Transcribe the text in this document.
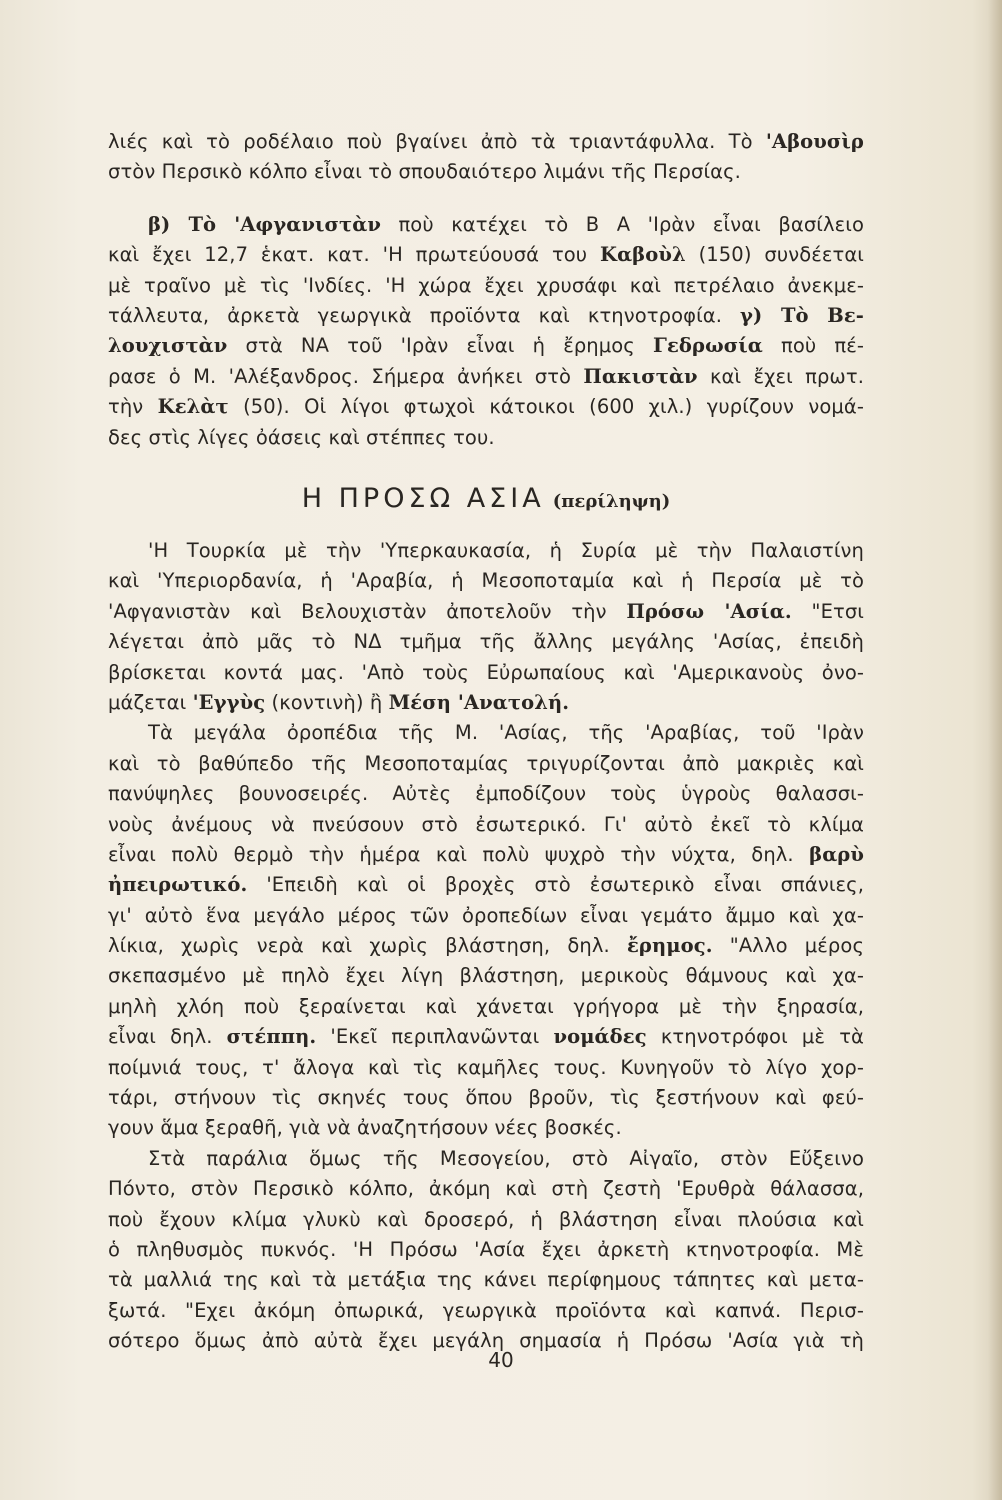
λιές καὶ τὸ ροδέλαιο ποὺ βγαίνει ἀπὸ τὰ τριαντάφυλλα. Τὸ 'Αβουσὶρ
στὸν Περσικὸ κόλπο εἶναι τὸ σπουδαιότερο λιμάνι τῆς Περσίας.
β) Τὸ 'Αφγανιστὰν ποὺ κατέχει τὸ Β Α 'Ιρὰν εἶναι βασίλειο
καὶ ἔχει 12,7 ἑκατ. κατ. 'Η πρωτεύουσά του Καβοὺλ (150) συνδέεται
μὲ τραῖνο μὲ τὶς 'Ινδίες. 'Η χώρα ἔχει χρυσάφι καὶ πετρέλαιο ἀνεκμε-
τάλλευτα, ἀρκετὰ γεωργικὰ προϊόντα καὶ κτηνοτροφία. γ) Τὸ Βε-
λουχιστὰν στὰ ΝΑ τοῦ 'Ιρὰν εἶναι ἡ ἔρημος Γεδρωσία ποὺ πέ-
ρασε ὁ Μ. 'Αλέξανδρος. Σήμερα ἀνήκει στὸ Πακιστὰν καὶ ἔχει πρωτ.
τὴν Κελὰτ (50). Οἱ λίγοι φτωχοὶ κάτοικοι (600 χιλ.) γυρίζουν νομά-
δες στὶς λίγες ὀάσεις καὶ στέππες του.
Η ΠΡΟΣΩ ΑΣΙΑ (περίληψη)
'Η Τουρκία μὲ τὴν 'Υπερκαυκασία, ἡ Συρία μὲ τὴν Παλαιστίνη
καὶ 'Υπεριορδανία, ἡ 'Αραβία, ἡ Μεσοποταμία καὶ ἡ Περσία μὲ τὸ
'Αφγανιστὰν καὶ Βελουχιστὰν ἀποτελοῦν τὴν Πρόσω 'Ασία. "Ετσι
λέγεται ἀπὸ μᾶς τὸ ΝΔ τμῆμα τῆς ἄλλης μεγάλης 'Ασίας, ἐπειδὴ
βρίσκεται κοντά μας. 'Απὸ τοὺς Εὐρωπαίους καὶ 'Αμερικανοὺς ὀνο-
μάζεται 'Εγγὺς (κοντινὴ) ἢ Μέση 'Ανατολή.
Τὰ μεγάλα ὀροπέδια τῆς Μ. 'Ασίας, τῆς 'Αραβίας, τοῦ 'Ιρὰν
καὶ τὸ βαθύπεδο τῆς Μεσοποταμίας τριγυρίζονται ἀπὸ μακριὲς καὶ
πανύψηλες βουνοσειρές. Αὐτὲς ἐμποδίζουν τοὺς ὑγροὺς θαλασσι-
νοὺς ἀνέμους νὰ πνεύσουν στὸ ἐσωτερικό. Γι' αὐτὸ ἐκεῖ τὸ κλίμα
εἶναι πολὺ θερμὸ τὴν ἡμέρα καὶ πολὺ ψυχρὸ τὴν νύχτα, δηλ. βαρὺ
ἠπειρωτικό. 'Επειδὴ καὶ οἱ βροχὲς στὸ ἐσωτερικὸ εἶναι σπάνιες,
γι' αὐτὸ ἕνα μεγάλο μέρος τῶν ὀροπεδίων εἶναι γεμάτο ἄμμο καὶ χα-
λίκια, χωρὶς νερὰ καὶ χωρὶς βλάστηση, δηλ. ἔρημος. "Αλλο μέρος
σκεπασμένο μὲ πηλὸ ἔχει λίγη βλάστηση, μερικοὺς θάμνους καὶ χα-
μηλὴ χλόη ποὺ ξεραίνεται καὶ χάνεται γρήγορα μὲ τὴν ξηρασία,
εἶναι δηλ. στέππη. 'Εκεῖ περιπλανῶνται νομάδες κτηνοτρόφοι μὲ τὰ
ποίμνιά τους, τ' ἄλογα καὶ τὶς καμῆλες τους. Κυνηγοῦν τὸ λίγο χορ-
τάρι, στήνουν τὶς σκηνές τους ὅπου βροῦν, τὶς ξεστήνουν καὶ φεύ-
γουν ἅμα ξεραθῆ, γιὰ νὰ ἀναζητήσουν νέες βοσκές.
Στὰ παράλια ὅμως τῆς Μεσογείου, στὸ Αἰγαῖο, στὸν Εὔξεινο
Πόντο, στὸν Περσικὸ κόλπο, ἀκόμη καὶ στὴ ζεστὴ 'Ερυθρὰ θάλασσα,
ποὺ ἔχουν κλίμα γλυκὺ καὶ δροσερό, ἡ βλάστηση εἶναι πλούσια καὶ
ὁ πληθυσμὸς πυκνός. 'Η Πρόσω 'Ασία ἔχει ἀρκετὴ κτηνοτροφία. Μὲ
τὰ μαλλιά της καὶ τὰ μετάξια της κάνει περίφημους τάπητες καὶ μετα-
ξωτά. "Εχει ἀκόμη ὀπωρικά, γεωργικὰ προϊόντα καὶ καπνά. Περισ-
σότερο ὅμως ἀπὸ αὐτὰ ἔχει μεγάλη σημασία ἡ Πρόσω 'Ασία γιὰ τὴ
40
